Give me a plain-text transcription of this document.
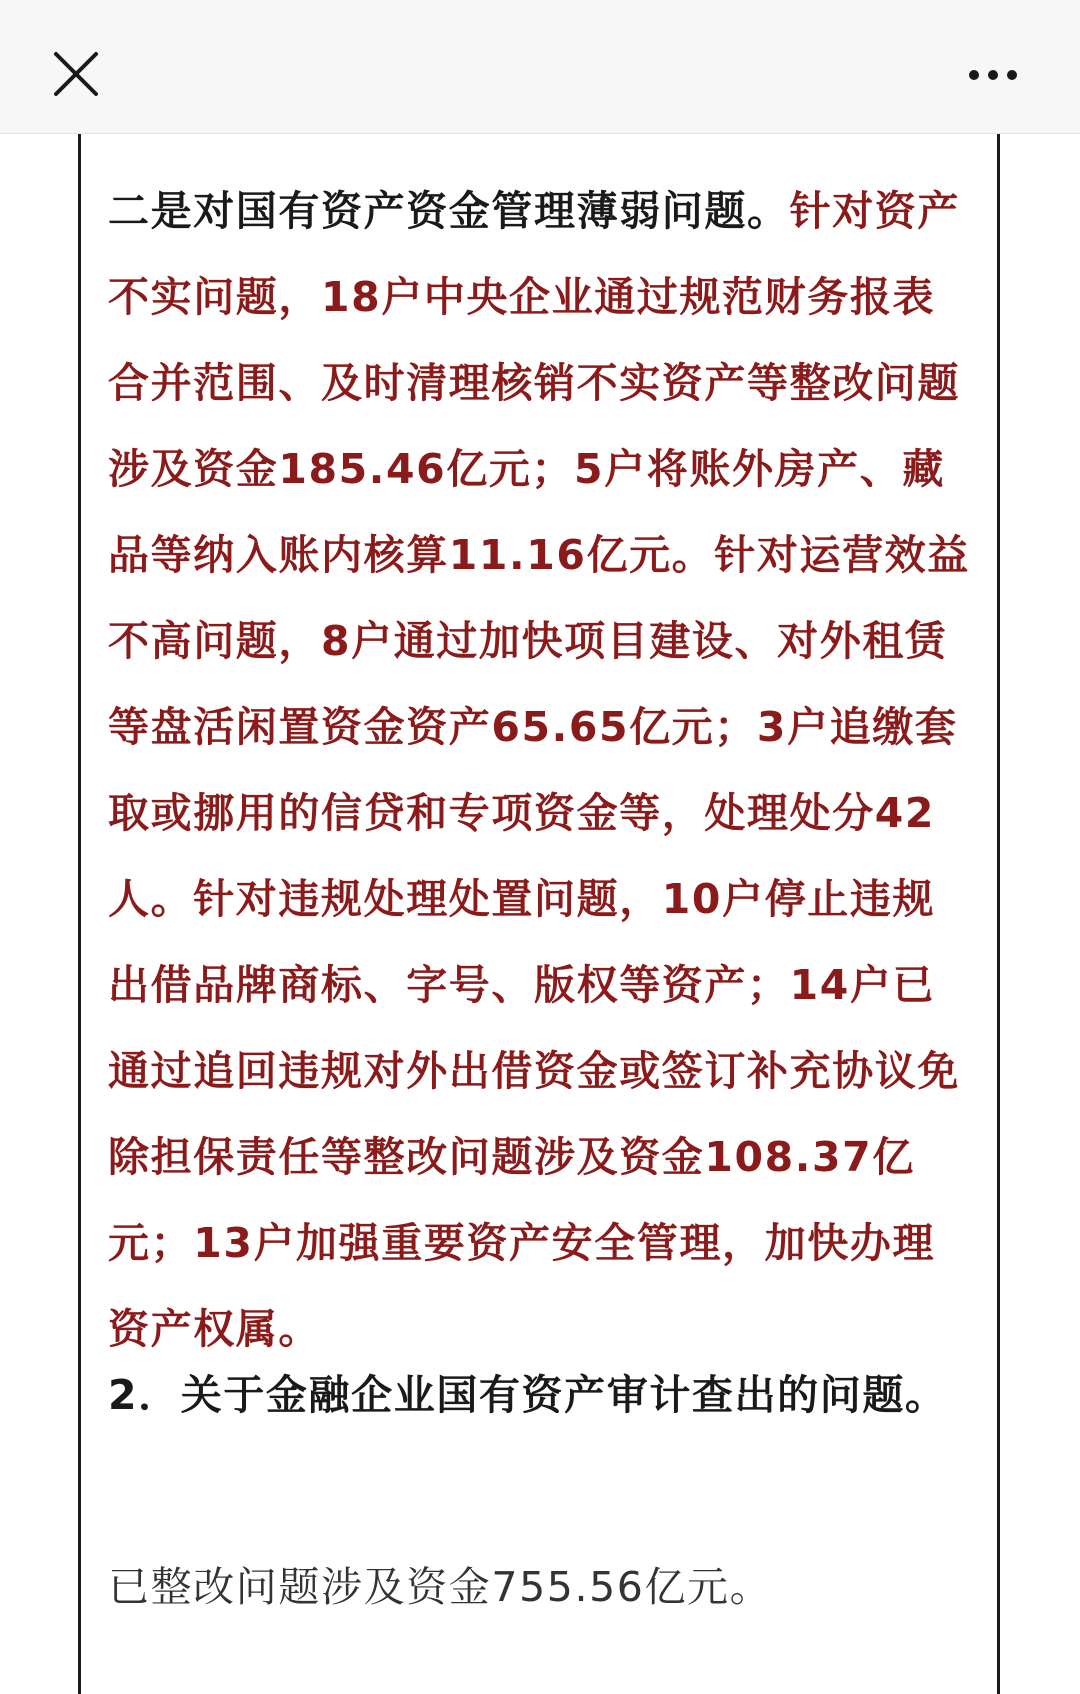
二是对国有资产资金管理薄弱问题。针对资产不实问题，18户中央企业通过规范财务报表合并范围、及时清理核销不实资产等整改问题涉及资金185.46亿元；5户将账外房产、藏品等纳入账内核算11.16亿元。针对运营效益不高问题，8户通过加快项目建设、对外租赁等盘活闲置资金资产65.65亿元；3户追缴套取或挪用的信贷和专项资金等，处理处分42人。针对违规处理处置问题，10户停止违规出借品牌商标、字号、版权等资产；14户已通过追回违规对外出借资金或签订补充协议免除担保责任等整改问题涉及资金108.37亿元；13户加强重要资产安全管理，加快办理资产权属。

2．关于金融企业国有资产审计查出的问题。

已整改问题涉及资金755.56亿元。
